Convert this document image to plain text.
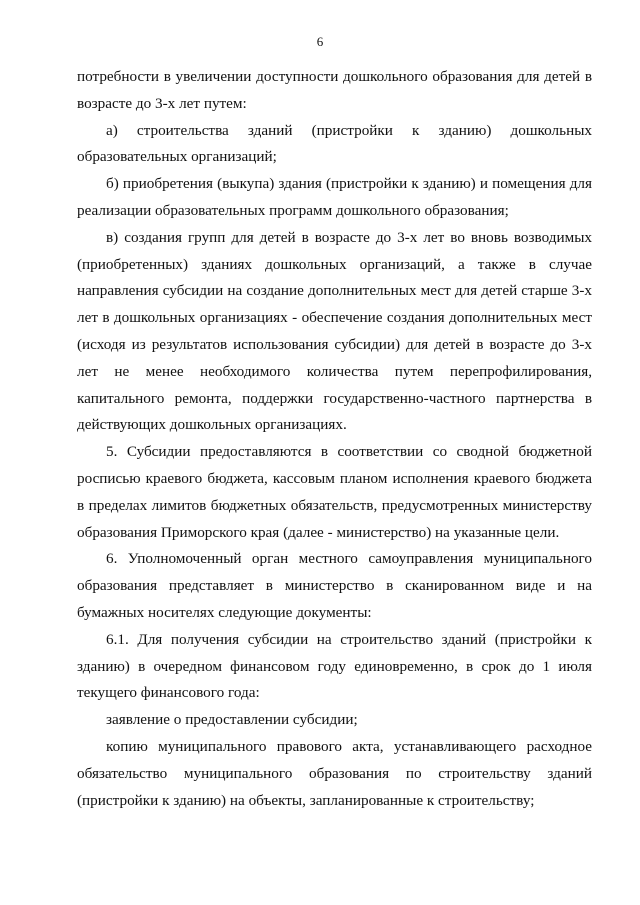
6

потребности в увеличении доступности дошкольного образования для детей в возрасте до 3-х лет путем:

а) строительства зданий (пристройки к зданию) дошкольных образовательных организаций;

б) приобретения (выкупа) здания (пристройки к зданию) и помещения для реализации образовательных программ дошкольного образования;

в) создания групп для детей в возрасте до 3-х лет во вновь возводимых (приобретенных) зданиях дошкольных организаций, а также в случае направления субсидии на создание дополнительных мест для детей старше 3-х лет в дошкольных организациях - обеспечение создания дополнительных мест (исходя из результатов использования субсидии) для детей в возрасте до 3-х лет не менее необходимого количества путем перепрофилирования, капитального ремонта, поддержки государственно-частного партнерства в действующих дошкольных организациях.

5. Субсидии предоставляются в соответствии со сводной бюджетной росписью краевого бюджета, кассовым планом исполнения краевого бюджета в пределах лимитов бюджетных обязательств, предусмотренных министерству образования Приморского края (далее - министерство) на указанные цели.

6. Уполномоченный орган местного самоуправления муниципального образования представляет в министерство в сканированном виде и на бумажных носителях следующие документы:

6.1. Для получения субсидии на строительство зданий (пристройки к зданию) в очередном финансовом году единовременно, в срок до 1 июля текущего финансового года:

заявление о предоставлении субсидии;

копию муниципального правового акта, устанавливающего расходное обязательство муниципального образования по строительству зданий (пристройки к зданию) на объекты, запланированные к строительству;
